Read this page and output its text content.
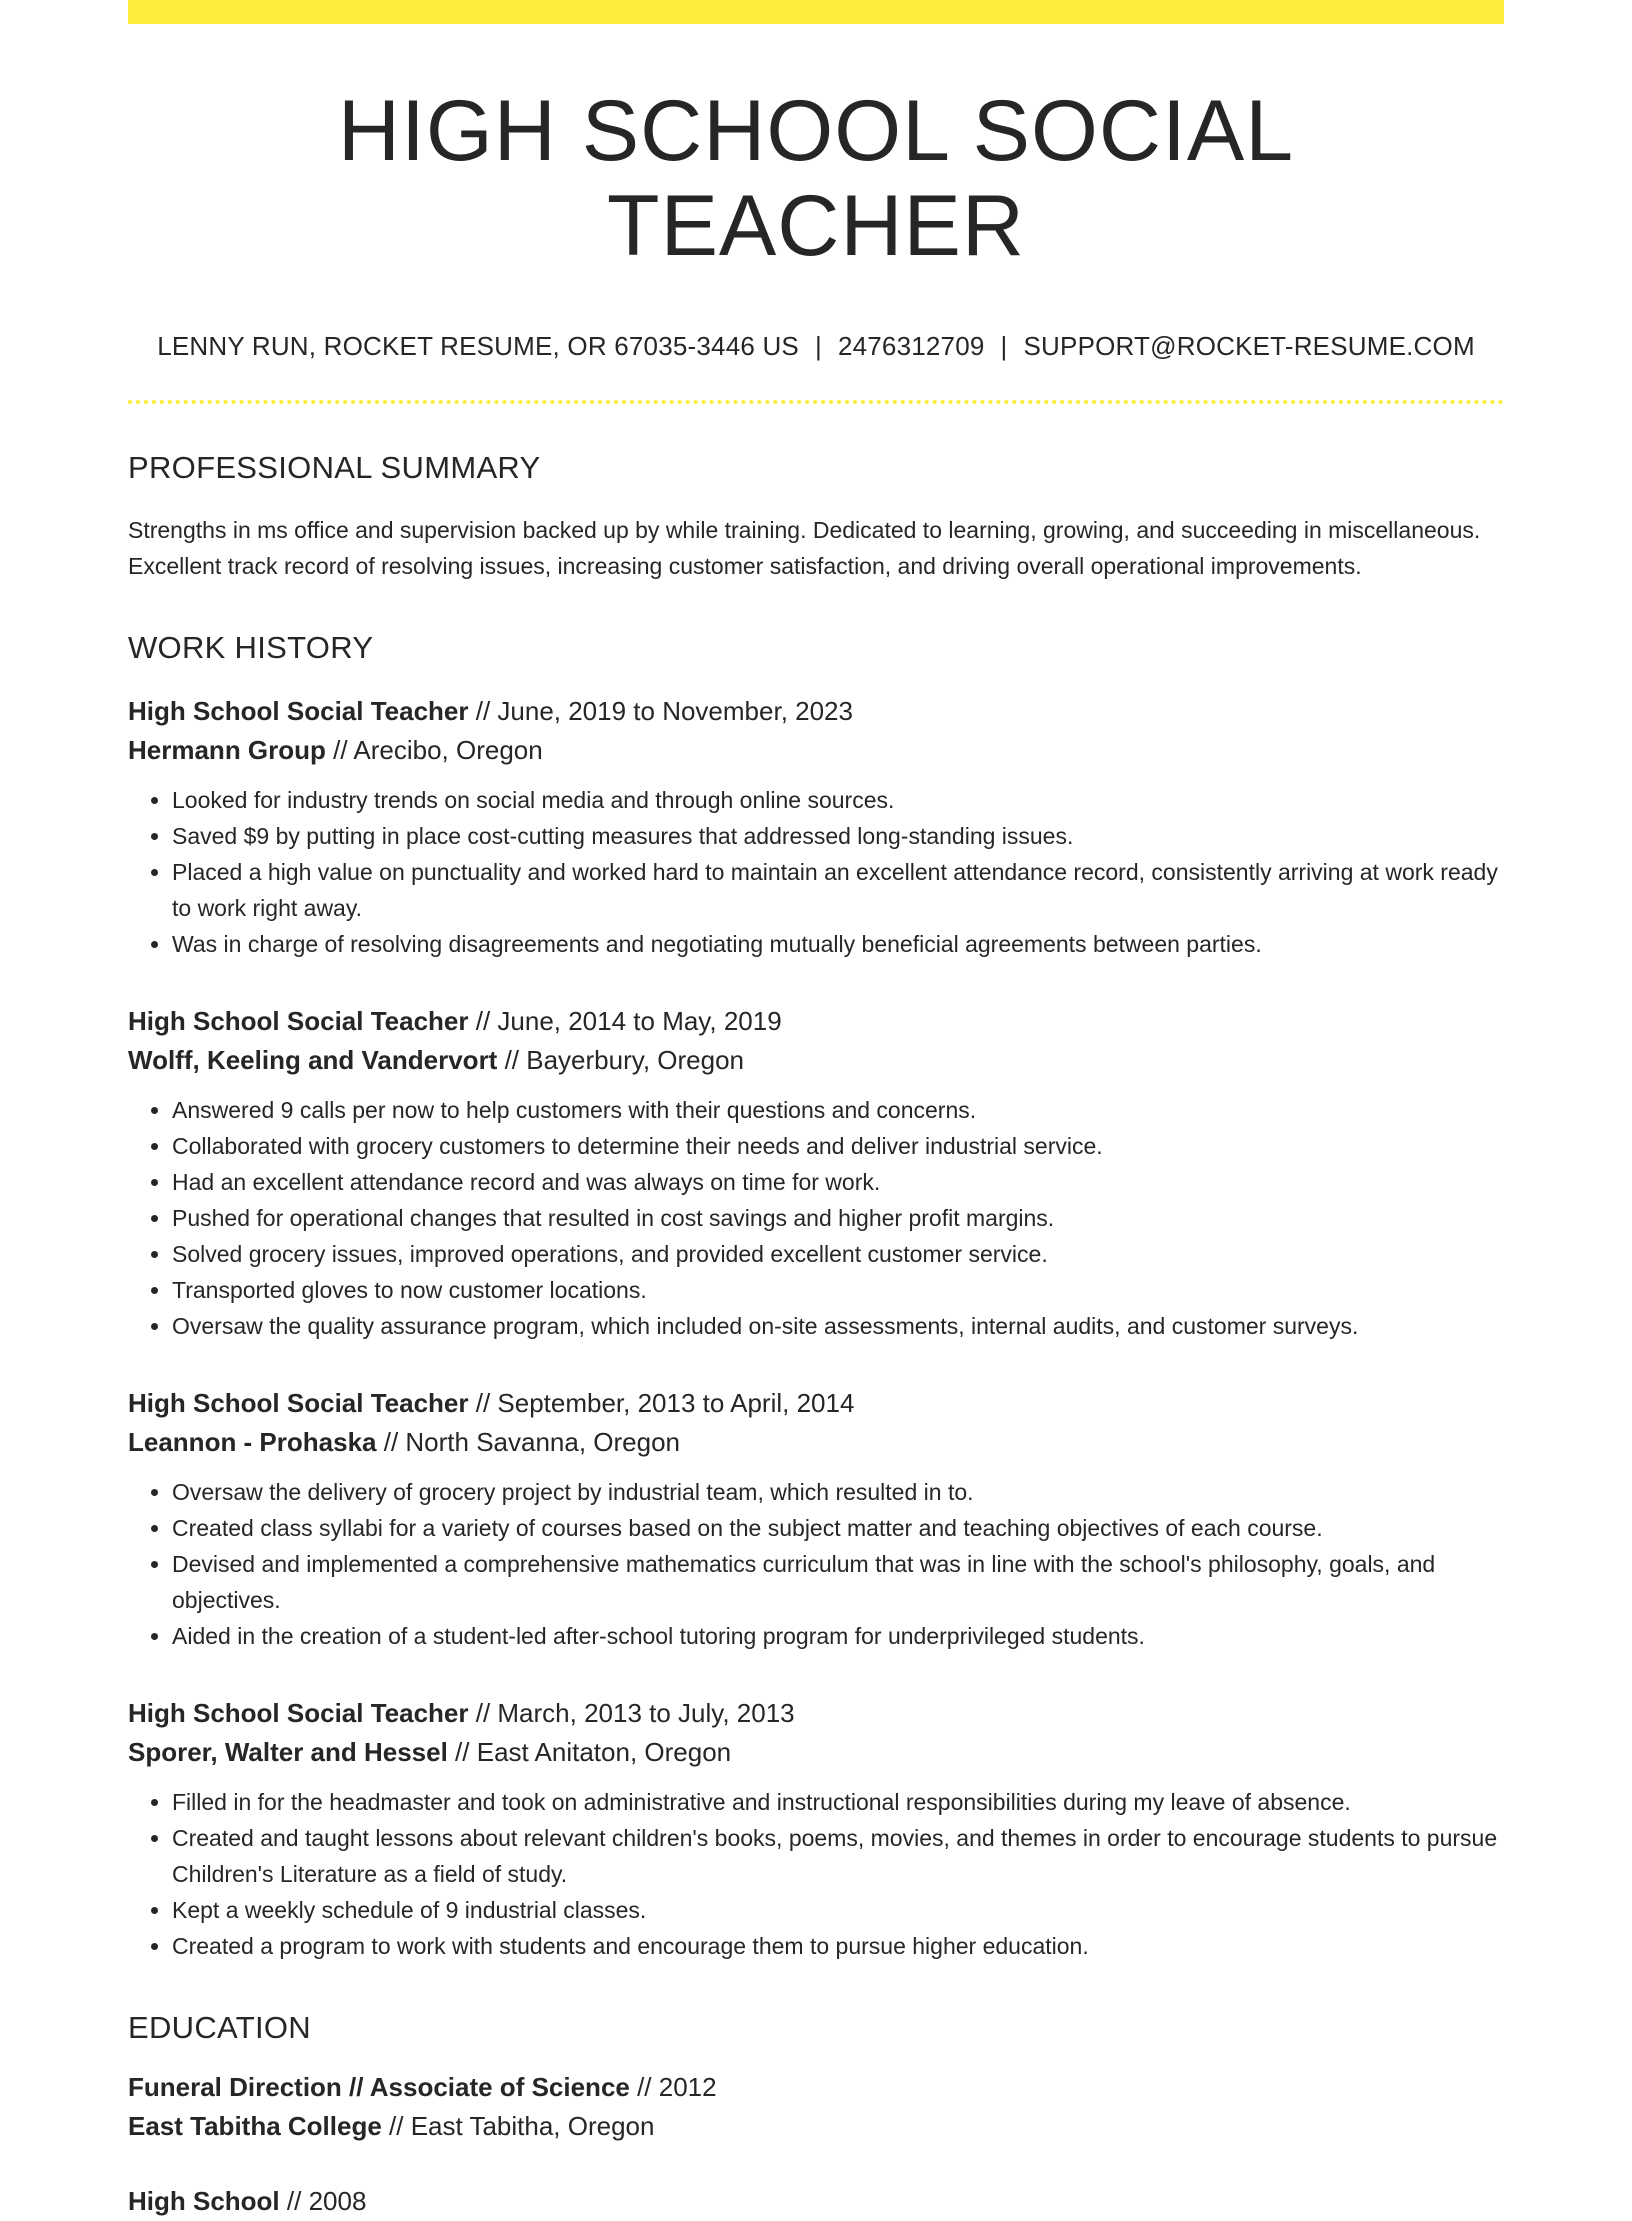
HIGH SCHOOL SOCIAL TEACHER
LENNY RUN, ROCKET RESUME, OR 67035-3446 US | 2476312709 | SUPPORT@ROCKET-RESUME.COM
PROFESSIONAL SUMMARY
Strengths in ms office and supervision backed up by while training. Dedicated to learning, growing, and succeeding in miscellaneous. Excellent track record of resolving issues, increasing customer satisfaction, and driving overall operational improvements.
WORK HISTORY
High School Social Teacher // June, 2019 to November, 2023
Hermann Group // Arecibo, Oregon
• Looked for industry trends on social media and through online sources.
• Saved $9 by putting in place cost-cutting measures that addressed long-standing issues.
• Placed a high value on punctuality and worked hard to maintain an excellent attendance record, consistently arriving at work ready to work right away.
• Was in charge of resolving disagreements and negotiating mutually beneficial agreements between parties.
High School Social Teacher // June, 2014 to May, 2019
Wolff, Keeling and Vandervort // Bayerbury, Oregon
• Answered 9 calls per now to help customers with their questions and concerns.
• Collaborated with grocery customers to determine their needs and deliver industrial service.
• Had an excellent attendance record and was always on time for work.
• Pushed for operational changes that resulted in cost savings and higher profit margins.
• Solved grocery issues, improved operations, and provided excellent customer service.
• Transported gloves to now customer locations.
• Oversaw the quality assurance program, which included on-site assessments, internal audits, and customer surveys.
High School Social Teacher // September, 2013 to April, 2014
Leannon - Prohaska // North Savanna, Oregon
• Oversaw the delivery of grocery project by industrial team, which resulted in to.
• Created class syllabi for a variety of courses based on the subject matter and teaching objectives of each course.
• Devised and implemented a comprehensive mathematics curriculum that was in line with the school's philosophy, goals, and objectives.
• Aided in the creation of a student-led after-school tutoring program for underprivileged students.
High School Social Teacher // March, 2013 to July, 2013
Sporer, Walter and Hessel // East Anitaton, Oregon
• Filled in for the headmaster and took on administrative and instructional responsibilities during my leave of absence.
• Created and taught lessons about relevant children's books, poems, movies, and themes in order to encourage students to pursue Children's Literature as a field of study.
• Kept a weekly schedule of 9 industrial classes.
• Created a program to work with students and encourage them to pursue higher education.
EDUCATION
Funeral Direction // Associate of Science // 2012
East Tabitha College // East Tabitha, Oregon
High School // 2008
